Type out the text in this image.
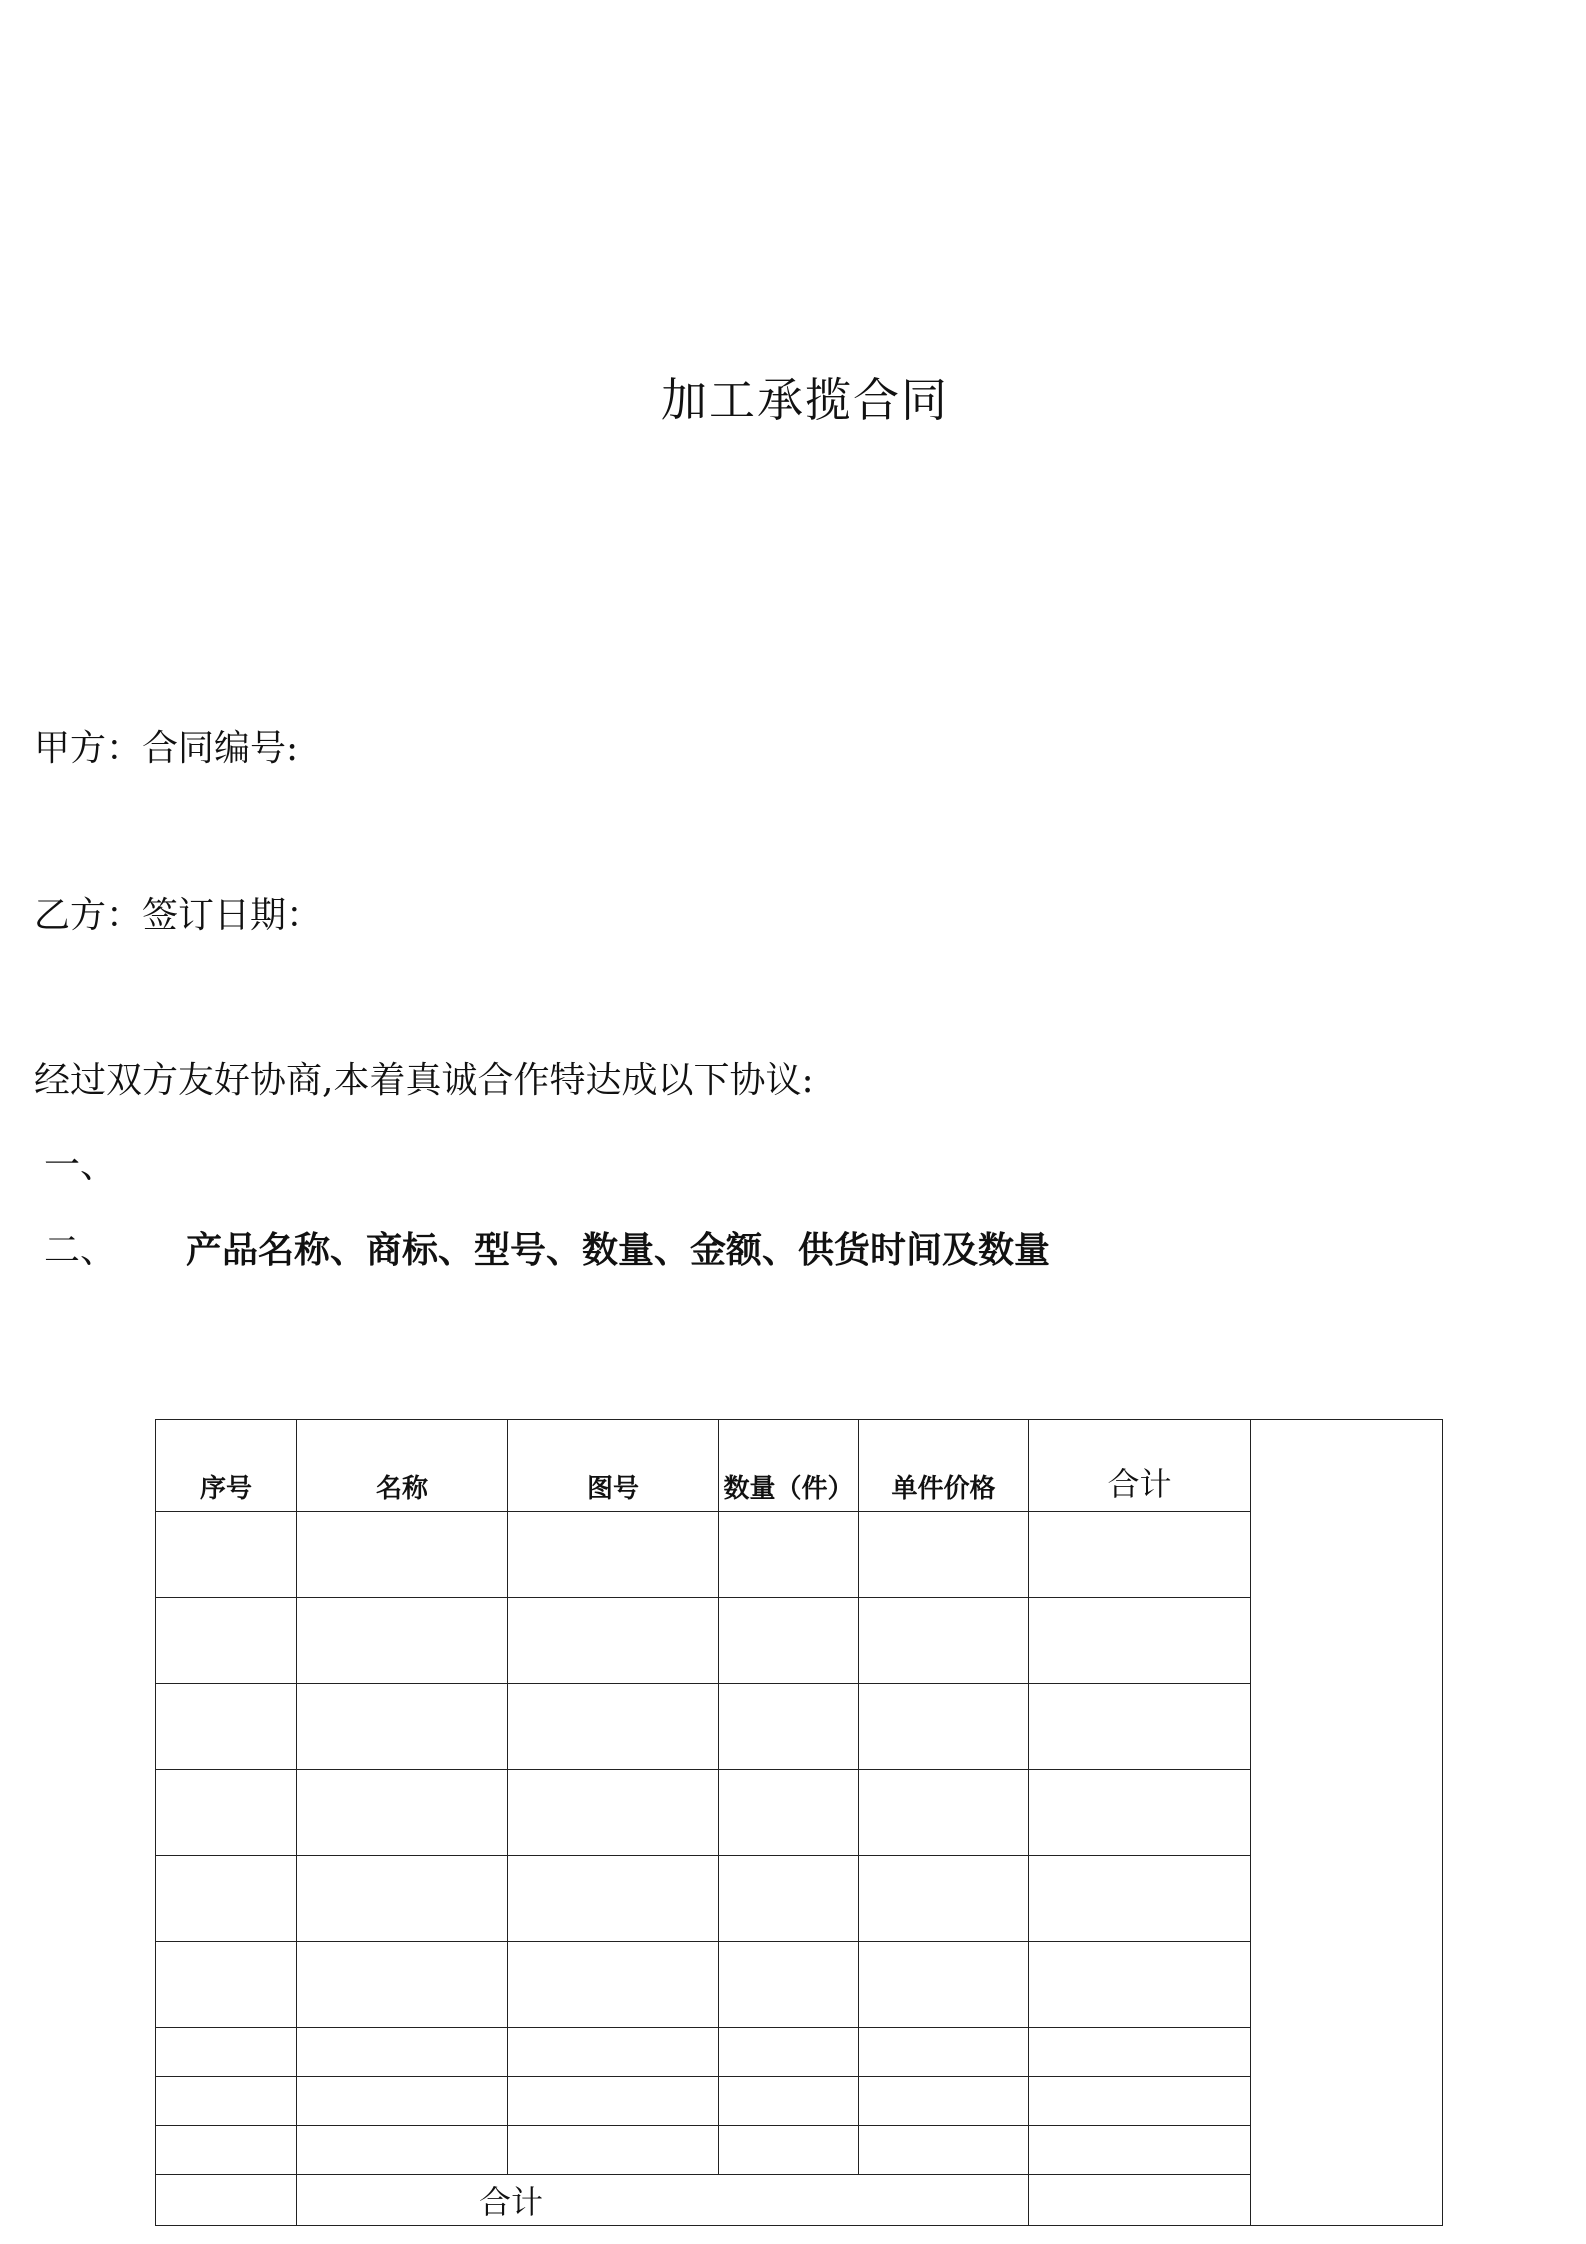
加工承揽合同
甲方：合同编号:
乙方：签订日期：
经过双方友好协商,本着真诚合作特达成以下协议:
一、
二、 产品名称、商标、型号、数量、金额、供货时间及数量
序号	名称	图号	数量（件）	单件价格	合计	

	合计					
